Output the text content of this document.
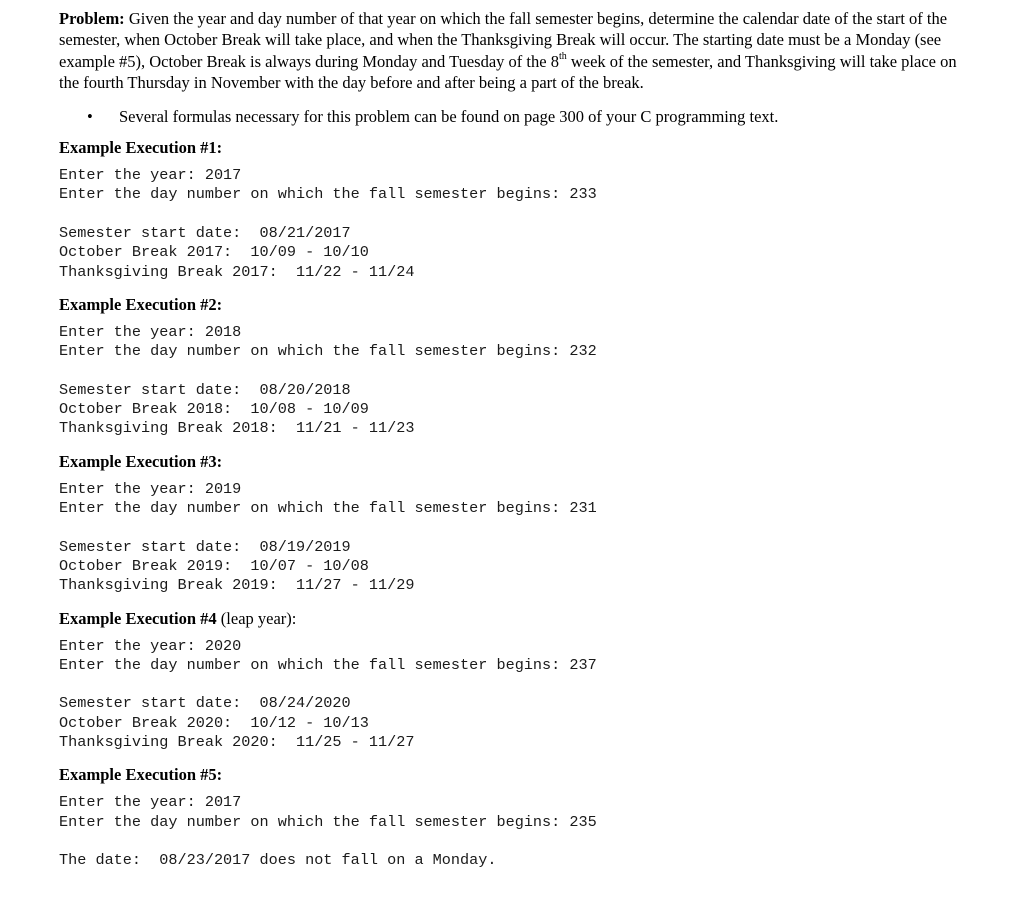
Problem: Given the year and day number of that year on which the fall semester begins, determine the calendar date of the start of the semester, when October Break will take place, and when the Thanksgiving Break will occur. The starting date must be a Monday (see example #5), October Break is always during Monday and Tuesday of the 8th week of the semester, and Thanksgiving will take place on the fourth Thursday in November with the day before and after being a part of the break.

• Several formulas necessary for this problem can be found on page 300 of your C programming text.
Example Execution #1:
Enter the year: 2017
Enter the day number on which the fall semester begins: 233
Semester start date:  08/21/2017
October Break 2017:  10/09 - 10/10
Thanksgiving Break 2017:  11/22 - 11/24
Example Execution #2:
Enter the year: 2018
Enter the day number on which the fall semester begins: 232
Semester start date:  08/20/2018
October Break 2018:  10/08 - 10/09
Thanksgiving Break 2018:  11/21 - 11/23
Example Execution #3:
Enter the year: 2019
Enter the day number on which the fall semester begins: 231
Semester start date:  08/19/2019
October Break 2019:  10/07 - 10/08
Thanksgiving Break 2019:  11/27 - 11/29
Example Execution #4 (leap year):
Enter the year: 2020
Enter the day number on which the fall semester begins: 237
Semester start date:  08/24/2020
October Break 2020:  10/12 - 10/13
Thanksgiving Break 2020:  11/25 - 11/27
Example Execution #5:
Enter the year: 2017
Enter the day number on which the fall semester begins: 235
The date:  08/23/2017 does not fall on a Monday.
